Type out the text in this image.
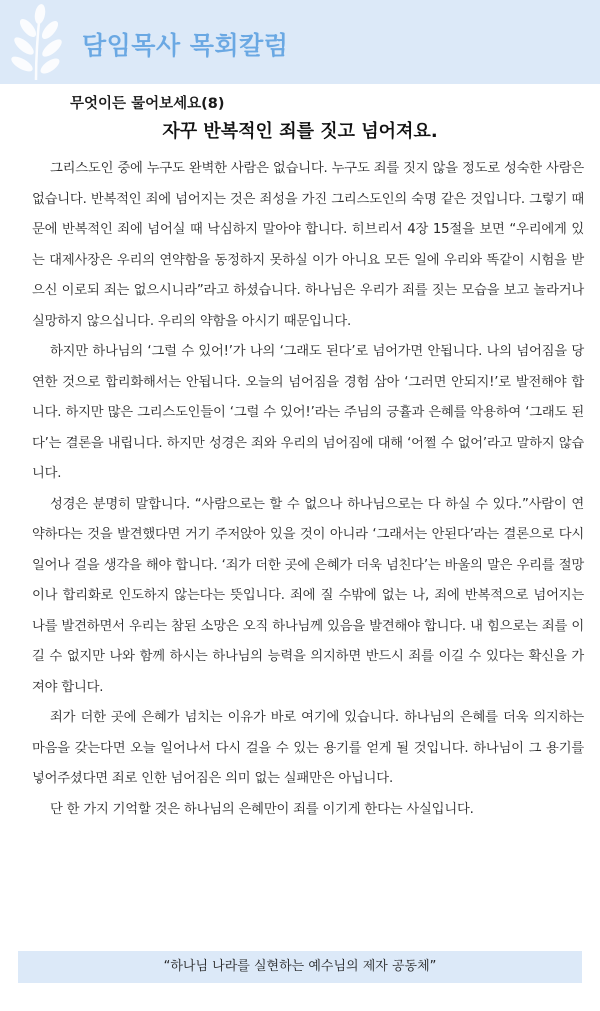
담임목사 목회칼럼
무엇이든 물어보세요(8)
자꾸 반복적인 죄를 짓고 넘어져요.

그리스도인 중에 누구도 완벽한 사람은 없습니다. 누구도 죄를 짓지 않을 정도로 성숙한 사람은 없습니다. 반복적인 죄에 넘어지는 것은 죄성을 가진 그리스도인의 숙명 같은 것입니다. 그렇기 때문에 반복적인 죄에 넘어실 때 낙심하지 말아야 합니다. 히브리서 4장 15절을 보면 “우리에게 있는 대제사장은 우리의 연약함을 동정하지 못하실 이가 아니요 모든 일에 우리와 똑같이 시험을 받으신 이로되 죄는 없으시니라”라고 하셨습니다. 하나님은 우리가 죄를 짓는 모습을 보고 놀라거나 실망하지 않으십니다. 우리의 약함을 아시기 때문입니다.

하지만 하나님의 ‘그럴 수 있어!’가 나의 ‘그래도 된다’로 넘어가면 안됩니다. 나의 넘어짐을 당연한 것으로 합리화해서는 안됩니다. 오늘의 넘어짐을 경험 삼아 ‘그러면 안되지!’로 발전해야 합니다. 하지만 많은 그리스도인들이 ‘그럴 수 있어!’라는 주님의 긍휼과 은혜를 악용하여 ‘그래도 된다’는 결론을 내립니다. 하지만 성경은 죄와 우리의 넘어짐에 대해 ‘어쩔 수 없어’라고 말하지 않습니다.

성경은 분명히 말합니다. “사람으로는 할 수 없으나 하나님으로는 다 하실 수 있다.”사람이 연약하다는 것을 발견했다면 거기 주저앉아 있을 것이 아니라 ‘그래서는 안된다’라는 결론으로 다시 일어나 걸을 생각을 해야 합니다. ‘죄가 더한 곳에 은혜가 더욱 넘친다’는 바울의 말은 우리를 절망이나 합리화로 인도하지 않는다는 뜻입니다. 죄에 질 수밖에 없는 나, 죄에 반복적으로 넘어지는 나를 발견하면서 우리는 참된 소망은 오직 하나님께 있음을 발견해야 합니다. 내 힘으로는 죄를 이길 수 없지만 나와 함께 하시는 하나님의 능력을 의지하면 반드시 죄를 이길 수 있다는 확신을 가져야 합니다.

죄가 더한 곳에 은혜가 넘치는 이유가 바로 여기에 있습니다. 하나님의 은혜를 더욱 의지하는 마음을 갖는다면 오늘 일어나서 다시 걸을 수 있는 용기를 얻게 될 것입니다. 하나님이 그 용기를 넣어주셨다면 죄로 인한 넘어짐은 의미 없는 실패만은 아닙니다.

단 한 가지 기억할 것은 하나님의 은혜만이 죄를 이기게 한다는 사실입니다.

“하나님 나라를 실현하는 예수님의 제자 공동체”
